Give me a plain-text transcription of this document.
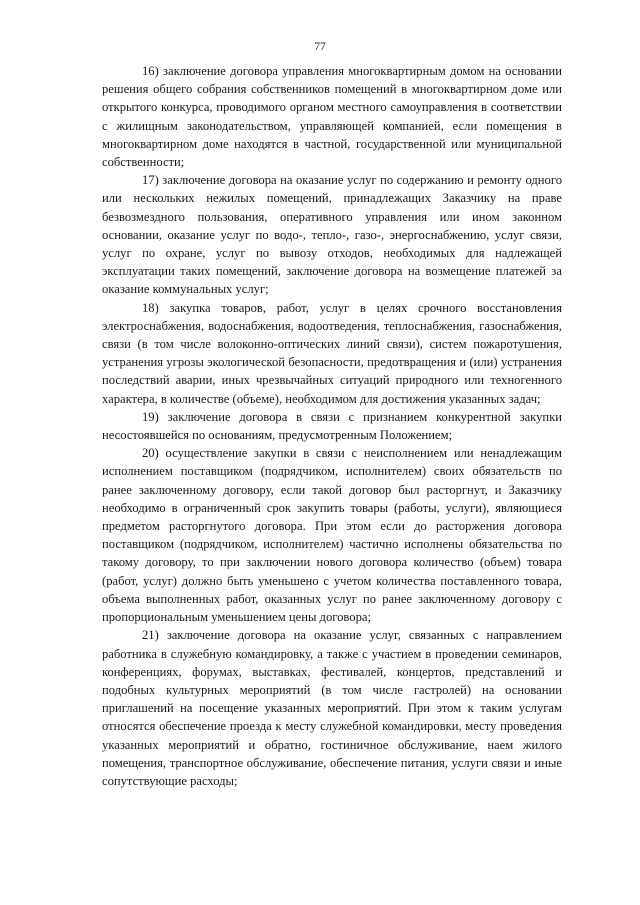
77

16) заключение договора управления многоквартирным домом на основании решения общего собрания собственников помещений в многоквартирном доме или открытого конкурса, проводимого органом местного самоуправления в соответствии с жилищным законодательством, управляющей компанией, если помещения в многоквартирном доме находятся в частной, государственной или муниципальной собственности;

17) заключение договора на оказание услуг по содержанию и ремонту одного или нескольких нежилых помещений, принадлежащих Заказчику на праве безвозмездного пользования, оперативного управления или ином законном основании, оказание услуг по водо-, тепло-, газо-, энергоснабжению, услуг связи, услуг по охране, услуг по вывозу отходов, необходимых для надлежащей эксплуатации таких помещений, заключение договора на возмещение платежей за оказание коммунальных услуг;

18) закупка товаров, работ, услуг в целях срочного восстановления электроснабжения, водоснабжения, водоотведения, теплоснабжения, газоснабжения, связи (в том числе волоконно-оптических линий связи), систем пожаротушения, устранения угрозы экологической безопасности, предотвращения и (или) устранения последствий аварии, иных чрезвычайных ситуаций природного или техногенного характера, в количестве (объеме), необходимом для достижения указанных задач;

19) заключение договора в связи с признанием конкурентной закупки несостоявшейся по основаниям, предусмотренным Положением;

20) осуществление закупки в связи с неисполнением или ненадлежащим исполнением поставщиком (подрядчиком, исполнителем) своих обязательств по ранее заключенному договору, если такой договор был расторгнут, и Заказчику необходимо в ограниченный срок закупить товары (работы, услуги), являющиеся предметом расторгнутого договора. При этом если до расторжения договора поставщиком (подрядчиком, исполнителем) частично исполнены обязательства по такому договору, то при заключении нового договора количество (объем) товара (работ, услуг) должно быть уменьшено с учетом количества поставленного товара, объема выполненных работ, оказанных услуг по ранее заключенному договору с пропорциональным уменьшением цены договора;

21) заключение договора на оказание услуг, связанных с направлением работника в служебную командировку, а также с участием в проведении семинаров, конференциях, форумах, выставках, фестивалей, концертов, представлений и подобных культурных мероприятий (в том числе гастролей) на основании приглашений на посещение указанных мероприятий. При этом к таким услугам относятся обеспечение проезда к месту служебной командировки, месту проведения указанных мероприятий и обратно, гостиничное обслуживание, наем жилого помещения, транспортное обслуживание, обеспечение питания, услуги связи и иные сопутствующие расходы;
